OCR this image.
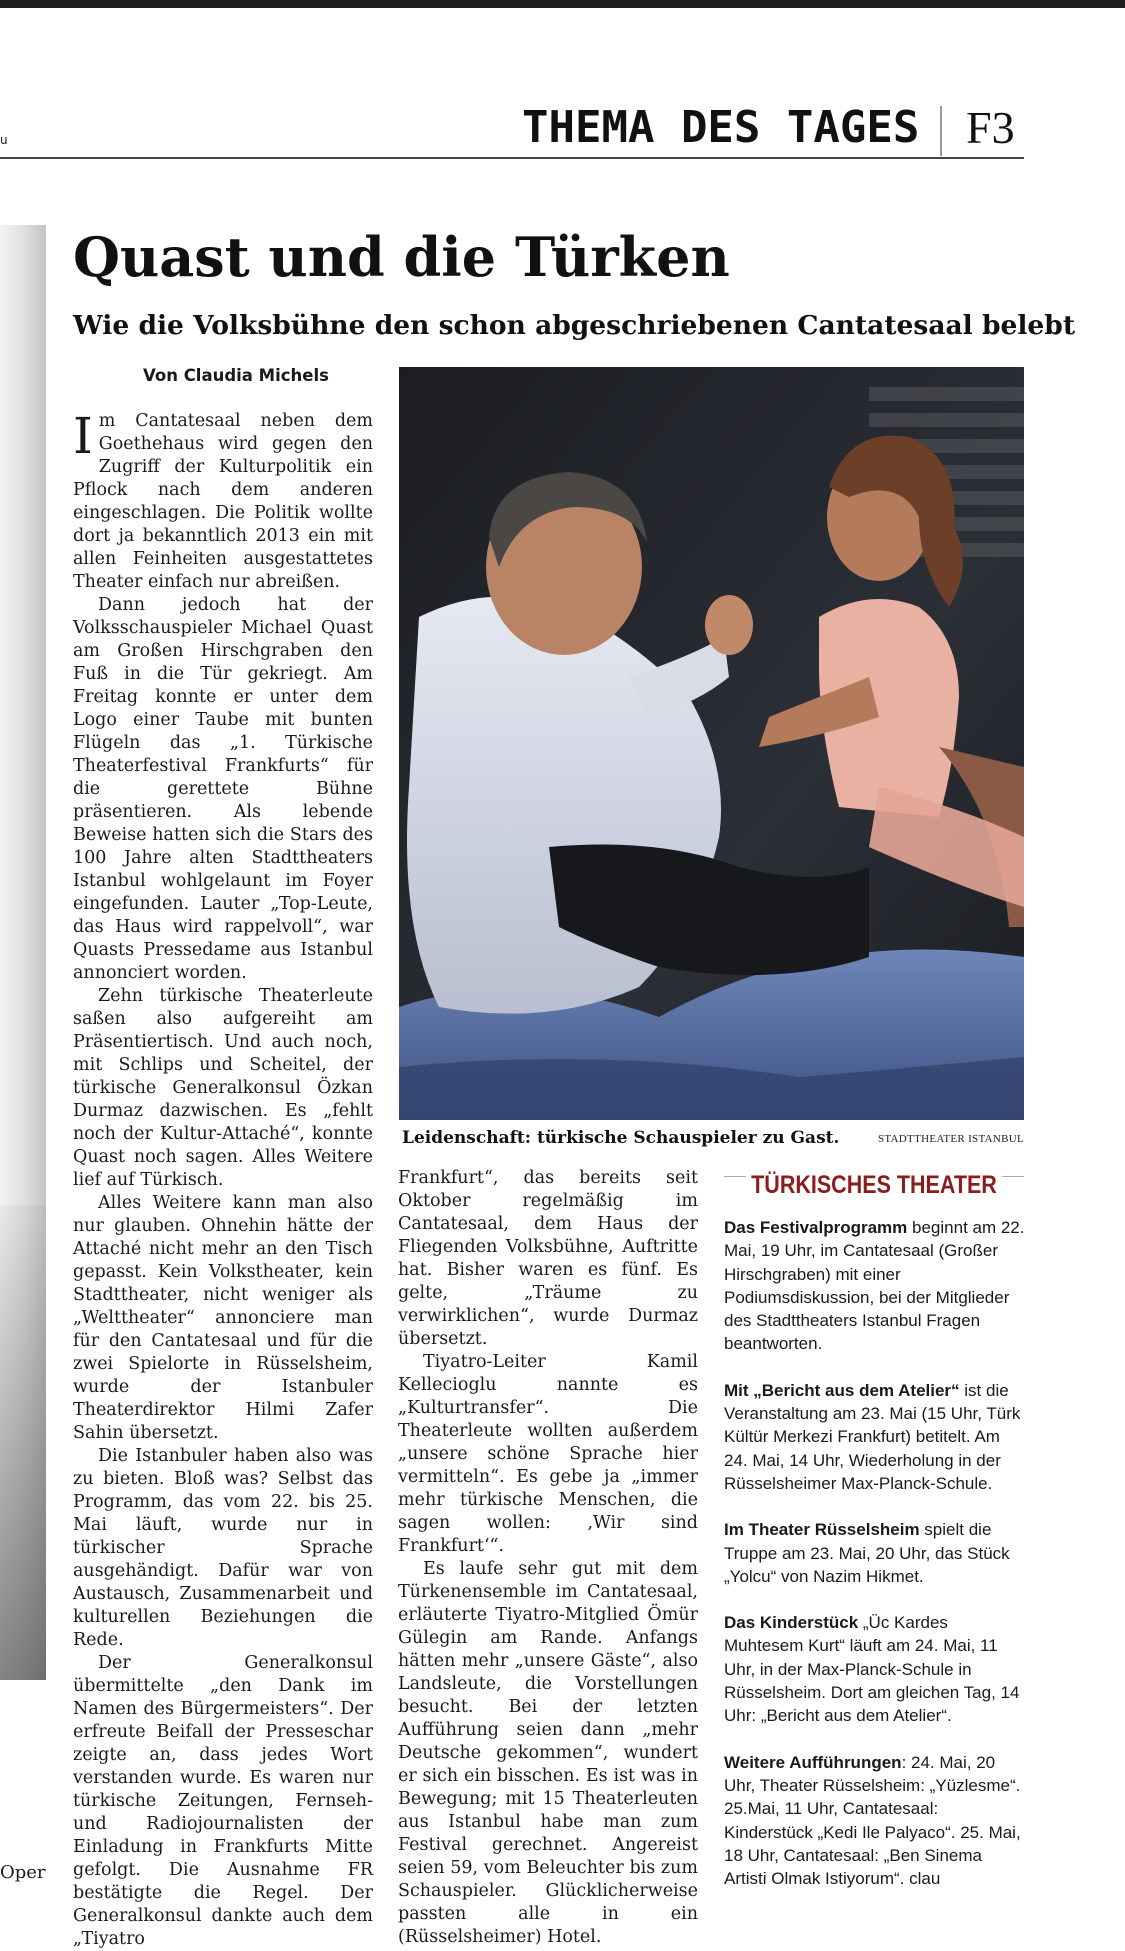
u	THEMA DES TAGES F3
Quast und die Türken
Wie die Volksbühne den schon abgeschriebenen Cantatesaal belebt
Von Claudia Michels

Im Cantatesaal neben dem Goethehaus wird gegen den Zugriff der Kulturpolitik ein Pflock nach dem anderen eingeschlagen. Die Politik wollte dort ja bekanntlich 2013 ein mit allen Feinheiten ausgestattetes Theater einfach nur abreißen.

Dann jedoch hat der Volksschauspieler Michael Quast am Großen Hirschgraben den Fuß in die Tür gekriegt. Am Freitag konnte er unter dem Logo einer Taube mit bunten Flügeln das „1. Türkische Theaterfestival Frankfurts“ für die gerettete Bühne präsentieren. Als lebende Beweise hatten sich die Stars des 100 Jahre alten Stadttheaters Istanbul wohlgelaunt im Foyer eingefunden. Lauter „Top-Leute, das Haus wird rappelvoll“, war Quasts Pressedame aus Istanbul annonciert worden.

Zehn türkische Theaterleute saßen also aufgereiht am Präsentiertisch. Und auch noch, mit Schlips und Scheitel, der türkische Generalkonsul Özkan Durmaz dazwischen. Es „fehlt noch der Kultur-Attaché“, konnte Quast noch sagen. Alles Weitere lief auf Türkisch.

Alles Weitere kann man also nur glauben. Ohnehin hätte der Attaché nicht mehr an den Tisch gepasst. Kein Volkstheater, kein Stadttheater, nicht weniger als „Welttheater“ annonciere man für den Cantatesaal und für die zwei Spielorte in Rüsselsheim, wurde der Istanbuler Theaterdirektor Hilmi Zafer Sahin übersetzt.

Die Istanbuler haben also was zu bieten. Bloß was? Selbst das Programm, das vom 22. bis 25. Mai läuft, wurde nur in türkischer Sprache ausgehändigt. Dafür war von Austausch, Zusammenarbeit und kulturellen Beziehungen die Rede.

Der Generalkonsul übermittelte „den Dank im Namen des Bürgermeisters“. Der erfreute Beifall der Presseschar zeigte an, dass jedes Wort verstanden wurde. Es waren nur türkische Zeitungen, Fernseh- und Radiojournalisten der Einladung in Frankfurts Mitte gefolgt. Die Ausnahme FR bestätigte die Regel. Der Generalkonsul dankte auch dem „Tiyatro

Leidenschaft: türkische Schauspieler zu Gast.	STADTTHEATER ISTANBUL

Frankfurt“, das bereits seit Oktober regelmäßig im Cantatesaal, dem Haus der Fliegenden Volksbühne, Auftritte hat. Bisher waren es fünf. Es gelte, „Träume zu verwirklichen“, wurde Durmaz übersetzt.

Tiyatro-Leiter Kamil Kellecioglu nannte es „Kulturtransfer“. Die Theaterleute wollten außerdem „unsere schöne Sprache hier vermitteln“. Es gebe ja „immer mehr türkische Menschen, die sagen wollen: ‚Wir sind Frankfurt‘“.

Es laufe sehr gut mit dem Türkenensemble im Cantatesaal, erläuterte Tiyatro-Mitglied Ömür Gülegin am Rande. Anfangs hätten mehr „unsere Gäste“, also Landsleute, die Vorstellungen besucht. Bei der letzten Aufführung seien dann „mehr Deutsche gekommen“, wundert er sich ein bisschen. Es ist was in Bewegung; mit 15 Theaterleuten aus Istanbul habe man zum Festival gerechnet. Angereist seien 59, vom Beleuchter bis zum Schauspieler. Glücklicherweise passten alle in ein (Rüsselsheimer) Hotel.

TÜRKISCHES THEATER

Das Festivalprogramm beginnt am 22. Mai, 19 Uhr, im Cantatesaal (Großer Hirschgraben) mit einer Podiumsdiskussion, bei der Mitglieder des Stadttheaters Istanbul Fragen beantworten.

Mit „Bericht aus dem Atelier“ ist die Veranstaltung am 23. Mai (15 Uhr, Türk Kültür Merkezi Frankfurt) betitelt. Am 24. Mai, 14 Uhr, Wiederholung in der Rüsselsheimer Max-Planck-Schule.

Im Theater Rüsselsheim spielt die Truppe am 23. Mai, 20 Uhr, das Stück „Yolcu“ von Nazim Hikmet.

Das Kinderstück „Üc Kardes Muhtesem Kurt“ läuft am 24. Mai, 11 Uhr, in der Max-Planck-Schule in Rüsselsheim. Dort am gleichen Tag, 14 Uhr: „Bericht aus dem Atelier“.

Weitere Aufführungen: 24. Mai, 20 Uhr, Theater Rüsselsheim: „Yüzlesme“. 25.Mai, 11 Uhr, Cantatesaal: Kinderstück „Kedi Ile Palyaco“. 25. Mai, 18 Uhr, Cantatesaal: „Ben Sinema Artisti Olmak Istiyorum“. clau

Oper
